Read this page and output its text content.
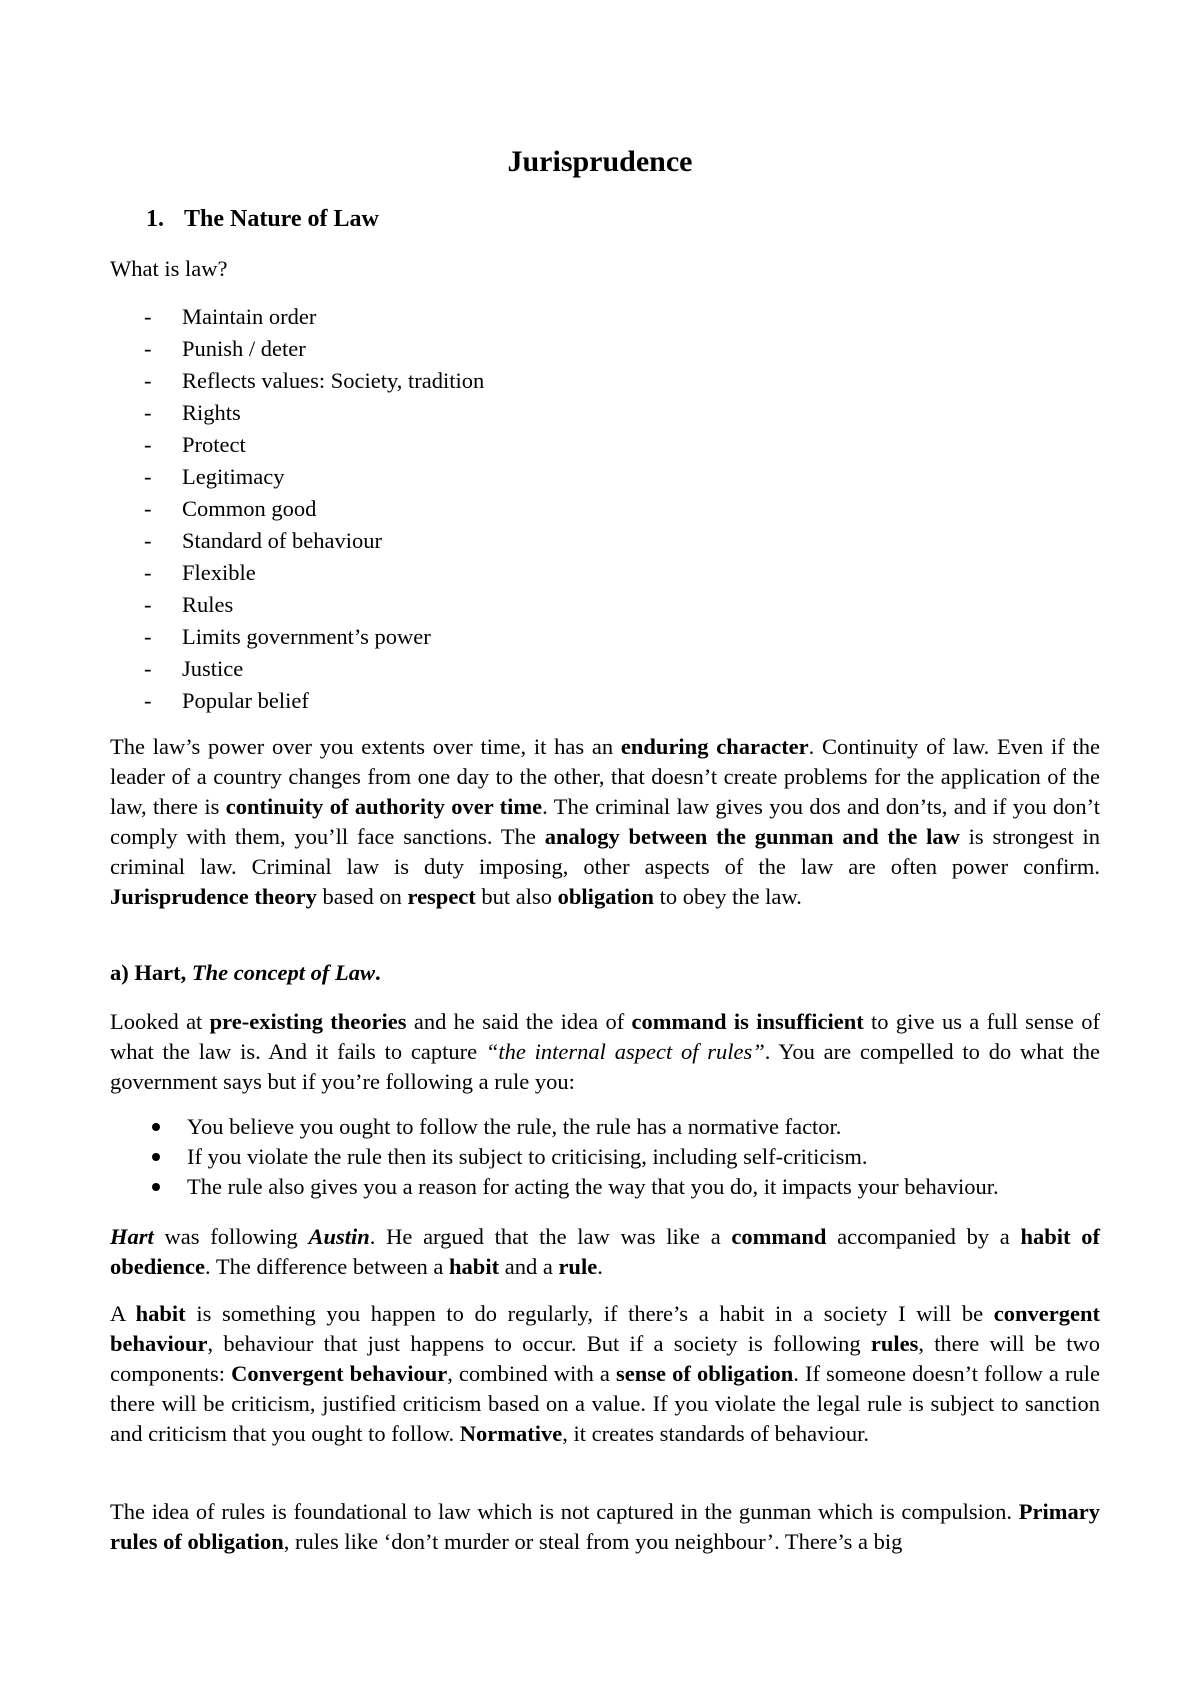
Jurisprudence
1. The Nature of Law

What is law?

- Maintain order
- Punish / deter
- Reflects values: Society, tradition
- Rights
- Protect
- Legitimacy
- Common good
- Standard of behaviour
- Flexible
- Rules
- Limits government’s power
- Justice
- Popular belief

The law’s power over you extents over time, it has an enduring character. Continuity of law. Even if the leader of a country changes from one day to the other, that doesn’t create problems for the application of the law, there is continuity of authority over time. The criminal law gives you dos and don’ts, and if you don’t comply with them, you’ll face sanctions. The analogy between the gunman and the law is strongest in criminal law. Criminal law is duty imposing, other aspects of the law are often power confirm. Jurisprudence theory based on respect but also obligation to obey the law.

a) Hart, The concept of Law.

Looked at pre-existing theories and he said the idea of command is insufficient to give us a full sense of what the law is. And it fails to capture “the internal aspect of rules”. You are compelled to do what the government says but if you’re following a rule you:

You believe you ought to follow the rule, the rule has a normative factor.
If you violate the rule then its subject to criticising, including self-criticism.
The rule also gives you a reason for acting the way that you do, it impacts your behaviour.

Hart was following Austin. He argued that the law was like a command accompanied by a habit of obedience. The difference between a habit and a rule.

A habit is something you happen to do regularly, if there’s a habit in a society I will be convergent behaviour, behaviour that just happens to occur. But if a society is following rules, there will be two components: Convergent behaviour, combined with a sense of obligation. If someone doesn’t follow a rule there will be criticism, justified criticism based on a value. If you violate the legal rule is subject to sanction and criticism that you ought to follow. Normative, it creates standards of behaviour.

The idea of rules is foundational to law which is not captured in the gunman which is compulsion. Primary rules of obligation, rules like ‘don’t murder or steal from you neighbour’. There’s a big
